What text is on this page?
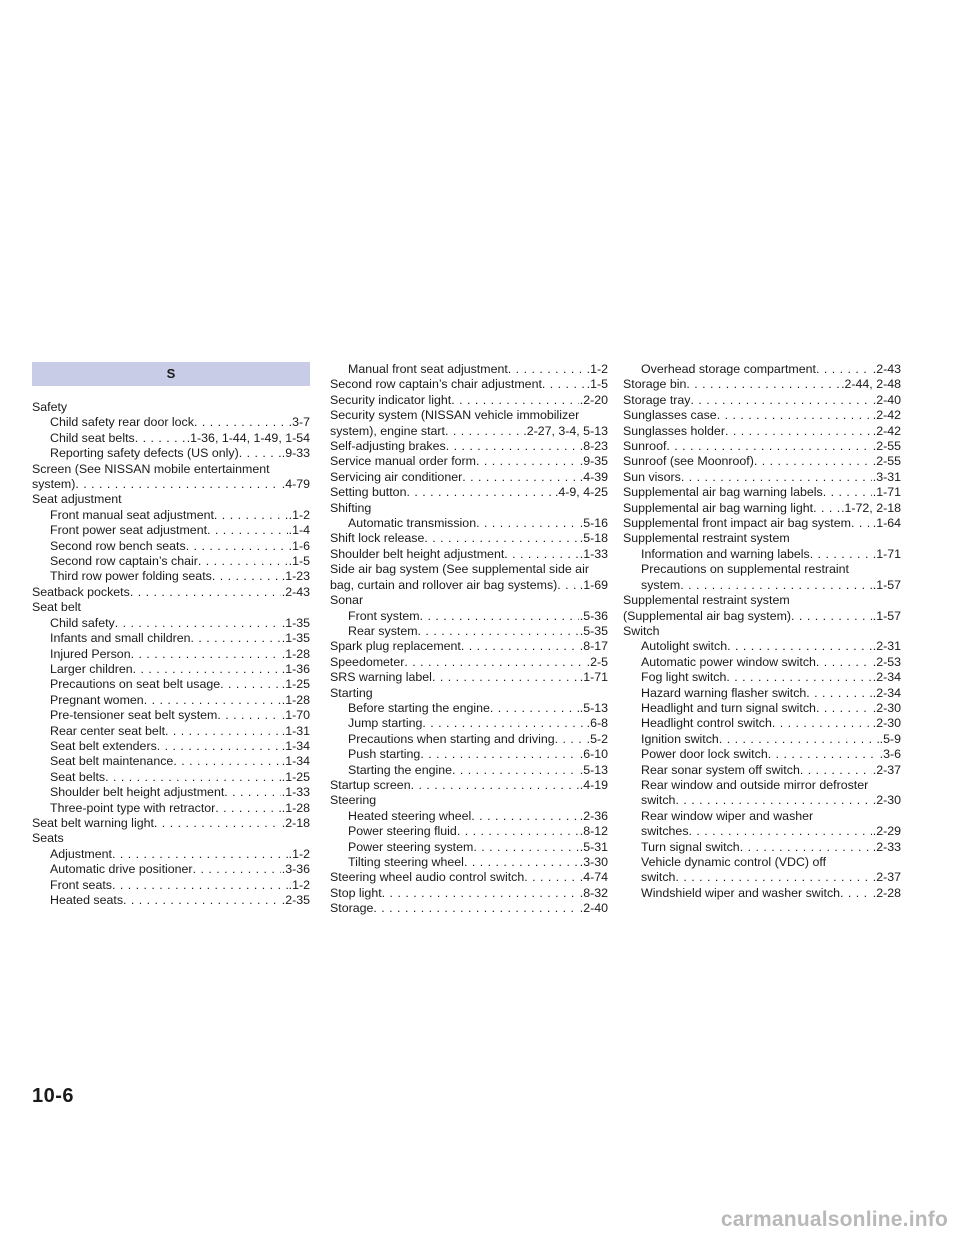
S
Safety
Child safety rear door lock . . .	.3-7
Child seat belts . . .	.1-36, 1-44, 1-49, 1-54
Reporting safety defects (US only) . . .	.9-33
Screen (See NISSAN mobile entertainment
system) . . .	.4-79
Seat adjustment
Front manual seat adjustment . . .	.1-2
Front power seat adjustment . . .	.1-4
Second row bench seats . . .	.1-6
Second row captain’s chair . . .	.1-5
Third row power folding seats . . .	.1-23
Seatback pockets . . .	.2-43
Seat belt
Child safety . . .	.1-35
Infants and small children . . .	.1-35
Injured Person . . .	.1-28
Larger children . . .	.1-36
Precautions on seat belt usage . . .	.1-25
Pregnant women . . .	.1-28
Pre-tensioner seat belt system . . .	.1-70
Rear center seat belt . . .	.1-31
Seat belt extenders . . .	.1-34
Seat belt maintenance . . .	.1-34
Seat belts . . .	.1-25
Shoulder belt height adjustment . . .	.1-33
Three-point type with retractor . . .	.1-28
Seat belt warning light . . .	.2-18
Seats
Adjustment . . .	.1-2
Automatic drive positioner . . .	.3-36
Front seats . . .	.1-2
Heated seats . . .	.2-35
Manual front seat adjustment . . .	.1-2
Second row captain’s chair adjustment . . .	.1-5
Security indicator light . . .	.2-20
Security system (NISSAN vehicle immobilizer
system), engine start . . .	.2-27, 3-4, 5-13
Self-adjusting brakes . . .	.8-23
Service manual order form . . .	.9-35
Servicing air conditioner . . .	.4-39
Setting button . . .	.4-9, 4-25
Shifting
Automatic transmission . . .	.5-16
Shift lock release . . .	.5-18
Shoulder belt height adjustment . . .	.1-33
Side air bag system (See supplemental side air
bag, curtain and rollover air bag systems) . . . .1-69
Sonar
Front system . . .	.5-36
Rear system . . .	.5-35
Spark plug replacement . . .	.8-17
Speedometer . . .	.2-5
SRS warning label . . .	.1-71
Starting
Before starting the engine . . .	.5-13
Jump starting . . .	.6-8
Precautions when starting and driving . . .	.5-2
Push starting . . .	.6-10
Starting the engine . . .	.5-13
Startup screen . . .	.4-19
Steering
Heated steering wheel . . .	.2-36
Power steering fluid . . .	.8-12
Power steering system . . .	.5-31
Tilting steering wheel . . .	.3-30
Steering wheel audio control switch . . .	.4-74
Stop light . . .	.8-32
Storage . . .	.2-40
Overhead storage compartment . . .	.2-43
Storage bin . . .	.2-44, 2-48
Storage tray . . .	.2-40
Sunglasses case . . .	.2-42
Sunglasses holder . . .	.2-42
Sunroof . . .	.2-55
Sunroof (see Moonroof) . . .	.2-55
Sun visors . . .	.3-31
Supplemental air bag warning labels . . .	.1-71
Supplemental air bag warning light . . . .1-72, 2-18
Supplemental front impact air bag system . . . .1-64
Supplemental restraint system
Information and warning labels . . .	.1-71
Precautions on supplemental restraint
system . . .	.1-57
Supplemental restraint system
(Supplemental air bag system) . . .	.1-57
Switch
Autolight switch . . .	.2-31
Automatic power window switch . . .	.2-53
Fog light switch . . .	.2-34
Hazard warning flasher switch . . .	.2-34
Headlight and turn signal switch . . .	.2-30
Headlight control switch . . .	.2-30
Ignition switch . . .	.5-9
Power door lock switch . . .	.3-6
Rear sonar system off switch . . .	.2-37
Rear window and outside mirror defroster
switch . . .	.2-30
Rear window wiper and washer
switches . . .	.2-29
Turn signal switch . . .	.2-33
Vehicle dynamic control (VDC) off
switch . . .	.2-37
Windshield wiper and washer switch . . .	.2-28
10-6
carmanualsonline.info
